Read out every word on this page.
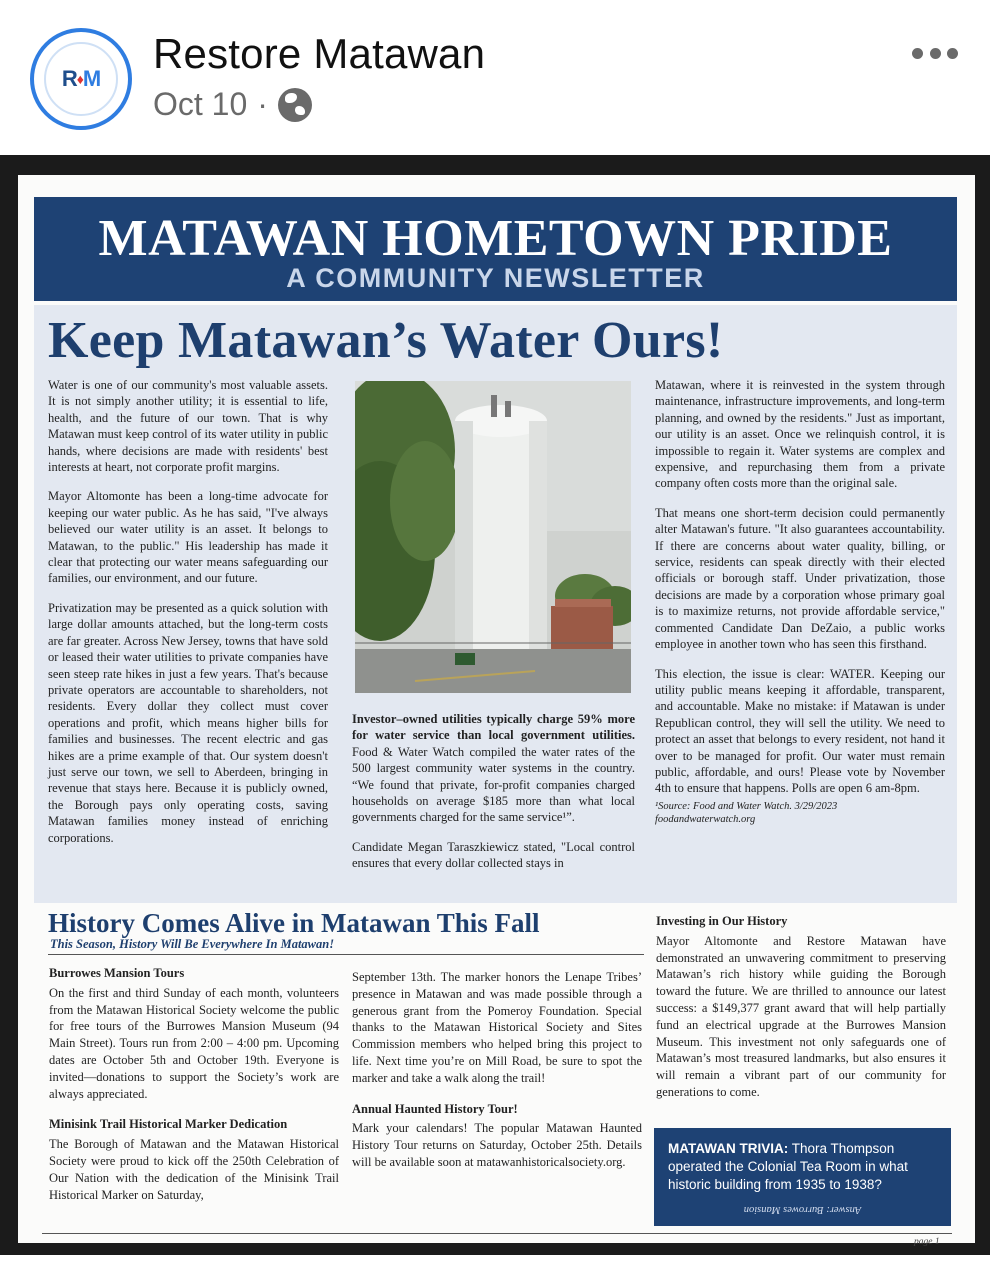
R ♦ M
Restore Matawan
Oct 10 ·
MATAWAN HOMETOWN PRIDE
A COMMUNITY NEWSLETTER
Keep Matawan’s Water Ours!

Water is one of our community's most valuable assets. It is not simply another utility; it is essential to life, health, and the future of our town. That is why Matawan must keep control of its water utility in public hands, where decisions are made with residents' best interests at heart, not corporate profit margins.

Mayor Altomonte has been a long-time advocate for keeping our water public. As he has said, "I've always believed our water utility is an asset. It belongs to Matawan, to the public." His leadership has made it clear that protecting our water means safeguarding our families, our environment, and our future.

Privatization may be presented as a quick solution with large dollar amounts attached, but the long-term costs are far greater. Across New Jersey, towns that have sold or leased their water utilities to private companies have seen steep rate hikes in just a few years. That's because private operators are accountable to shareholders, not residents. Every dollar they collect must cover operations and profit, which means higher bills for families and businesses. The recent electric and gas hikes are a prime example of that. Our system doesn't just serve our town, we sell to Aberdeen, bringing in revenue that stays here. Because it is publicly owned, the Borough pays only operating costs, saving Matawan families money instead of enriching corporations.

Investor–owned utilities typically charge 59% more for water service than local government utilities. Food & Water Watch compiled the water rates of the 500 largest community water systems in the country. “We found that private, for-profit companies charged households on average $185 more than what local governments charged for the same service¹”.

Candidate Megan Taraszkiewicz stated, "Local control ensures that every dollar collected stays in

Matawan, where it is reinvested in the system through maintenance, infrastructure improvements, and long-term planning, and owned by the residents." Just as important, our utility is an asset. Once we relinquish control, it is impossible to regain it. Water systems are complex and expensive, and repurchasing them from a private company often costs more than the original sale.

That means one short-term decision could permanently alter Matawan's future. "It also guarantees accountability. If there are concerns about water quality, billing, or service, residents can speak directly with their elected officials or borough staff. Under privatization, those decisions are made by a corporation whose primary goal is to maximize returns, not provide affordable service," commented Candidate Dan DeZaio, a public works employee in another town who has seen this firsthand.

This election, the issue is clear: WATER. Keeping our utility public means keeping it affordable, transparent, and accountable. Make no mistake: if Matawan is under Republican control, they will sell the utility. We need to protect an asset that belongs to every resident, not hand it over to be managed for profit. Our water must remain public, affordable, and ours! Please vote by November 4th to ensure that happens. Polls are open 6 am-8pm.

¹Source: Food and Water Watch. 3/29/2023
foodandwaterwatch.org
History Comes Alive in Matawan This Fall
This Season, History Will Be Everywhere In Matawan!
Burrowes Mansion Tours
On the first and third Sunday of each month, volunteers from the Matawan Historical Society welcome the public for free tours of the Burrowes Mansion Museum (94 Main Street). Tours run from 2:00 – 4:00 pm. Upcoming dates are October 5th and October 19th. Everyone is invited—donations to support the Society’s work are always appreciated.
Minisink Trail Historical Marker Dedication
The Borough of Matawan and the Matawan Historical Society were proud to kick off the 250th Celebration of Our Nation with the dedication of the Minisink Trail Historical Marker on Saturday,
September 13th. The marker honors the Lenape Tribes’ presence in Matawan and was made possible through a generous grant from the Pomeroy Foundation. Special thanks to the Matawan Historical Society and Sites Commission members who helped bring this project to life. Next time you’re on Mill Road, be sure to spot the marker and take a walk along the trail!
Annual Haunted History Tour!
Mark your calendars! The popular Matawan Haunted History Tour returns on Saturday, October 25th. Details will be available soon at matawanhistoricalsociety.org.
Investing in Our History
Mayor Altomonte and Restore Matawan have demonstrated an unwavering commitment to preserving Matawan’s rich history while guiding the Borough toward the future. We are thrilled to announce our latest success: a $149,377 grant award that will help partially fund an electrical upgrade at the Burrowes Mansion Museum. This investment not only safeguards one of Matawan’s most treasured landmarks, but also ensures it will remain a vibrant part of our community for generations to come.
MATAWAN TRIVIA: Thora Thompson operated the Colonial Tea Room in what historic building from 1935 to 1938?
Answer: Burrowes Mansion
page 1
